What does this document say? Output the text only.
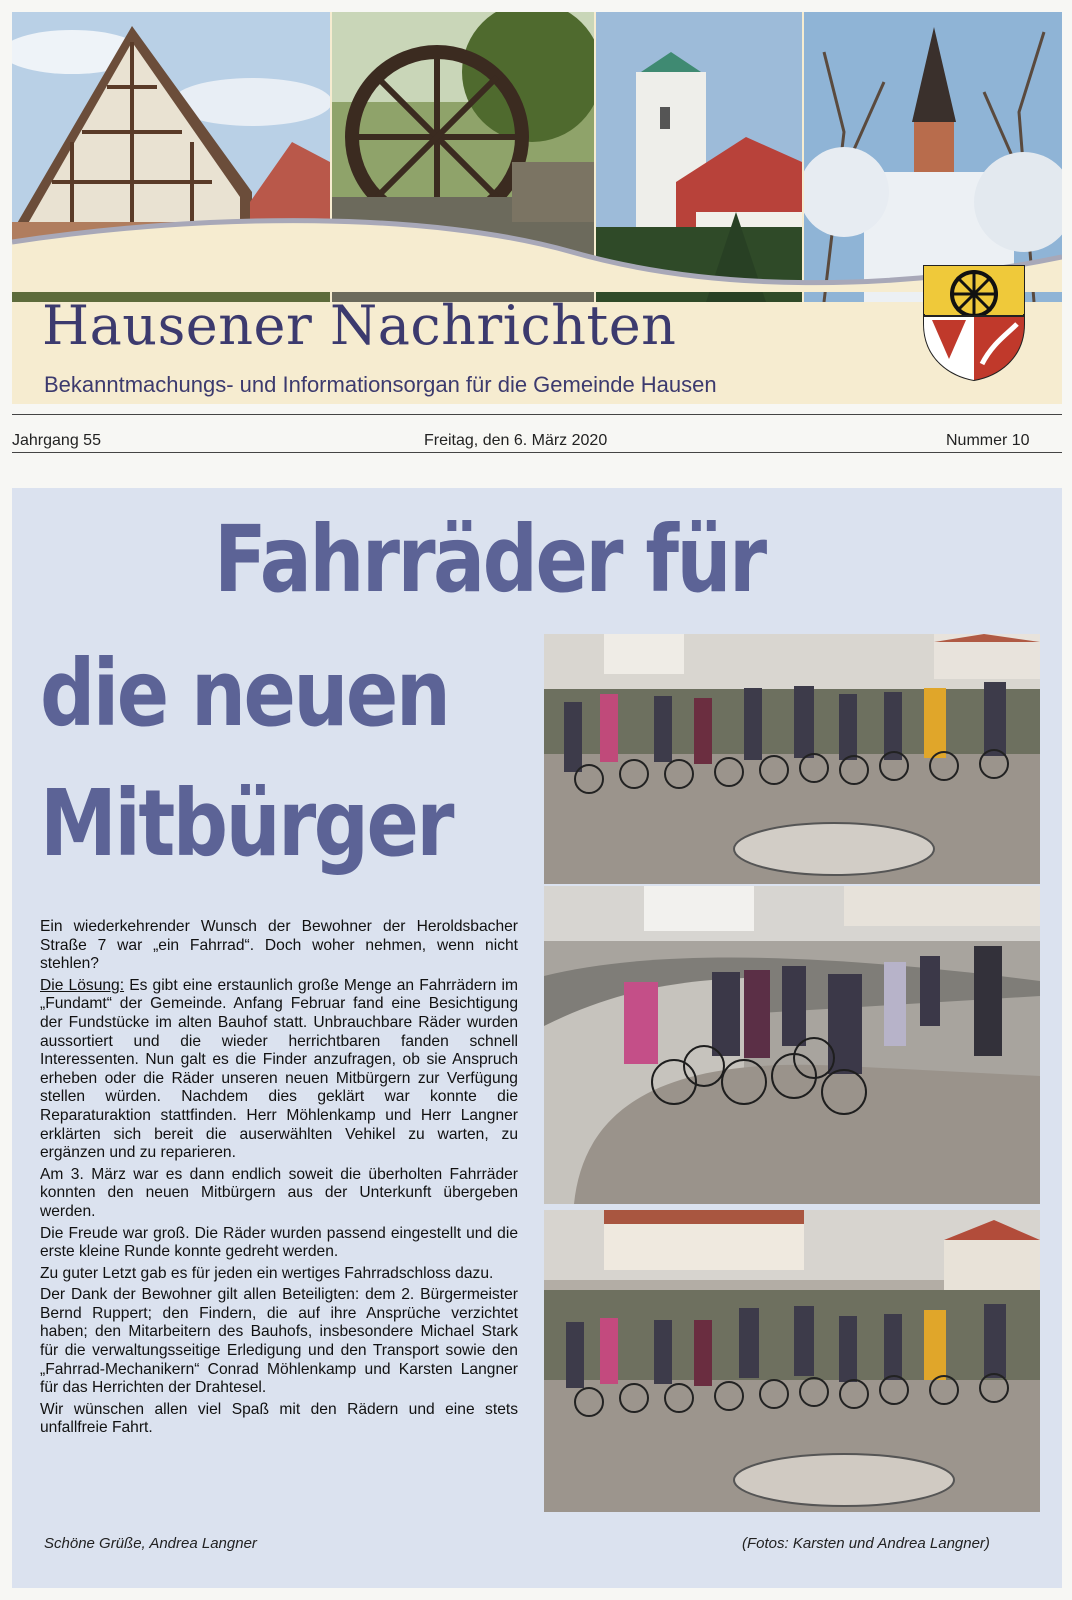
Hausener Nachrichten
Bekanntmachungs- und Informationsorgan für die Gemeinde Hausen
Jahrgang 55	Freitag, den 6. März 2020	Nummer 10
Fahrräder für
die neuen
Mitbürger

Ein wiederkehrender Wunsch der Bewohner der Heroldsbacher Straße 7 war „ein Fahrrad“. Doch woher nehmen, wenn nicht stehlen?

Die Lösung: Es gibt eine erstaunlich große Menge an Fahrrädern im „Fundamt“ der Gemeinde. Anfang Februar fand eine Besichtigung der Fundstücke im alten Bauhof statt. Unbrauchbare Räder wurden aussortiert und die wieder herrichtbaren fanden schnell Interessenten. Nun galt es die Finder anzufragen, ob sie Anspruch erheben oder die Räder unseren neuen Mitbürgern zur Verfügung stellen würden. Nachdem dies geklärt war konnte die Reparaturaktion stattfinden. Herr Möhlenkamp und Herr Langner erklärten sich bereit die auserwählten Vehikel zu warten, zu ergänzen und zu reparieren.

Am 3. März war es dann endlich soweit die überholten Fahrräder konnten den neuen Mitbürgern aus der Unterkunft übergeben werden.

Die Freude war groß. Die Räder wurden passend eingestellt und die erste kleine Runde konnte gedreht werden.

Zu guter Letzt gab es für jeden ein wertiges Fahrradschloss dazu.

Der Dank der Bewohner gilt allen Beteiligten: dem 2. Bürgermeister Bernd Ruppert; den Findern, die auf ihre Ansprüche verzichtet haben; den Mitarbeitern des Bauhofs, insbesondere Michael Stark für die verwaltungsseitige Erledigung und den Transport sowie den „Fahrrad-Mechanikern“ Conrad Möhlenkamp und Karsten Langner für das Herrichten der Drahtesel.

Wir wünschen allen viel Spaß mit den Rädern und eine stets unfallfreie Fahrt.

Schöne Grüße, Andrea Langner	(Fotos: Karsten und Andrea Langner)
